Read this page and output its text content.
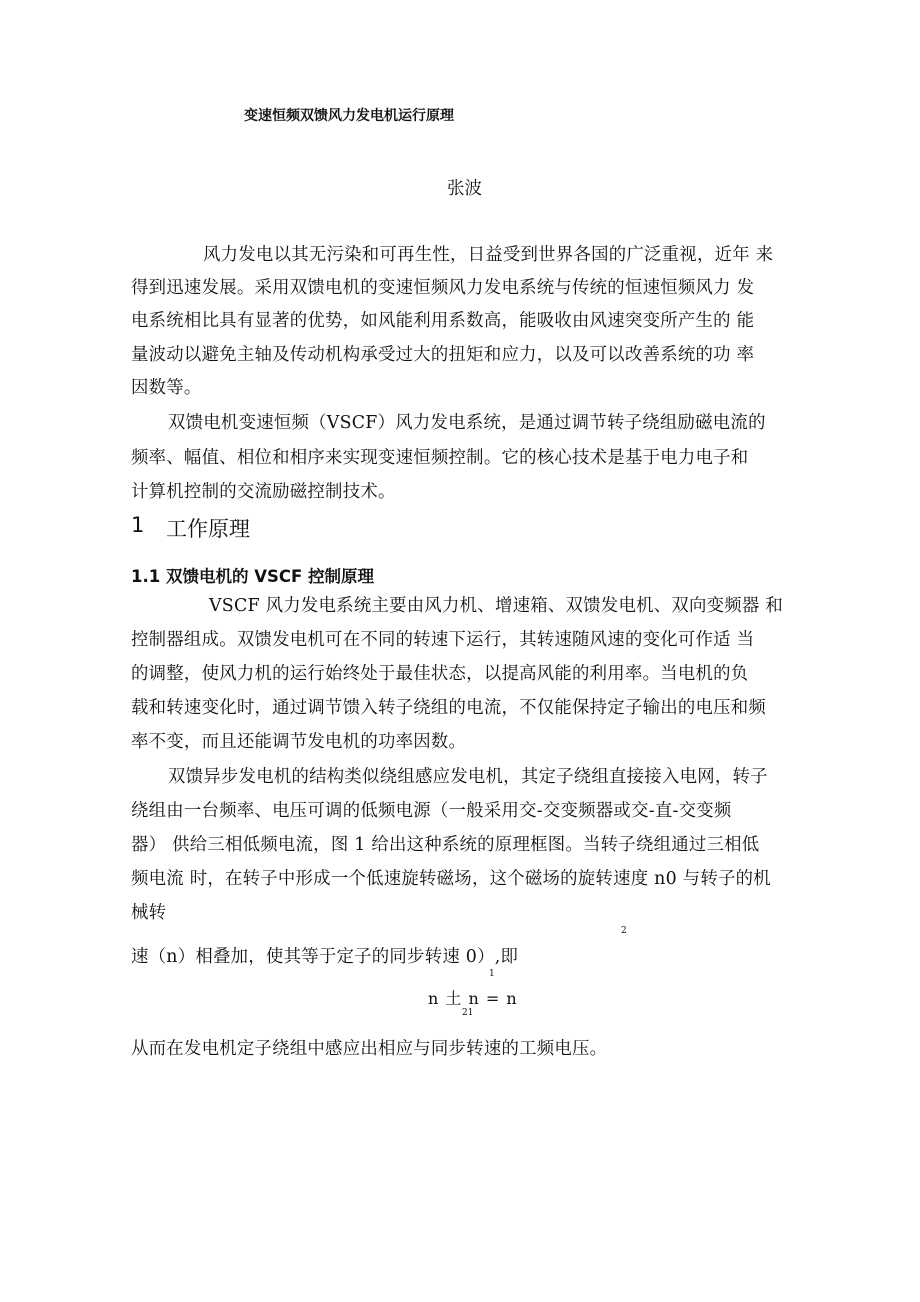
变速恒频双馈风力发电机运行原理
张波
风力发电以其无污染和可再生性，日益受到世界各国的广泛重视，近年 来
得到迅速发展。采用双馈电机的变速恒频风力发电系统与传统的恒速恒频风力 发
电系统相比具有显著的优势，如风能利用系数高，能吸收由风速突变所产生的 能
量波动以避免主轴及传动机构承受过大的扭矩和应力，以及可以改善系统的功 率
因数等。
双馈电机变速恒频（VSCF）风力发电系统，是通过调节转子绕组励磁电流的
频率、幅值、相位和相序来实现变速恒频控制。它的核心技术是基于电力电子和
计算机控制的交流励磁控制技术。
1 工作原理
1.1 双馈电机的 VSCF 控制原理
VSCF 风力发电系统主要由风力机、增速箱、双馈发电机、双向变频器 和
控制器组成。双馈发电机可在不同的转速下运行，其转速随风速的变化可作适 当
的调整，使风力机的运行始终处于最佳状态，以提高风能的利用率。当电机的负
载和转速变化时，通过调节馈入转子绕组的电流，不仅能保持定子输出的电压和频
率不变，而且还能调节发电机的功率因数。
双馈异步发电机的结构类似绕组感应发电机，其定子绕组直接接入电网，转子
绕组由一台频率、电压可调的低频电源（一般采用交-交变频器或交-直-交变频
器） 供给三相低频电流，图 1 给出这种系统的原理框图。当转子绕组通过三相低
频电流 时，在转子中形成一个低速旋转磁场，这个磁场的旋转速度 n0 与转子的机
械转
2
速（n）相叠加，使其等于定子的同步转速 0）,即
1
n 土 n = n
21
从而在发电机定子绕组中感应出相应与同步转速的工频电压。
